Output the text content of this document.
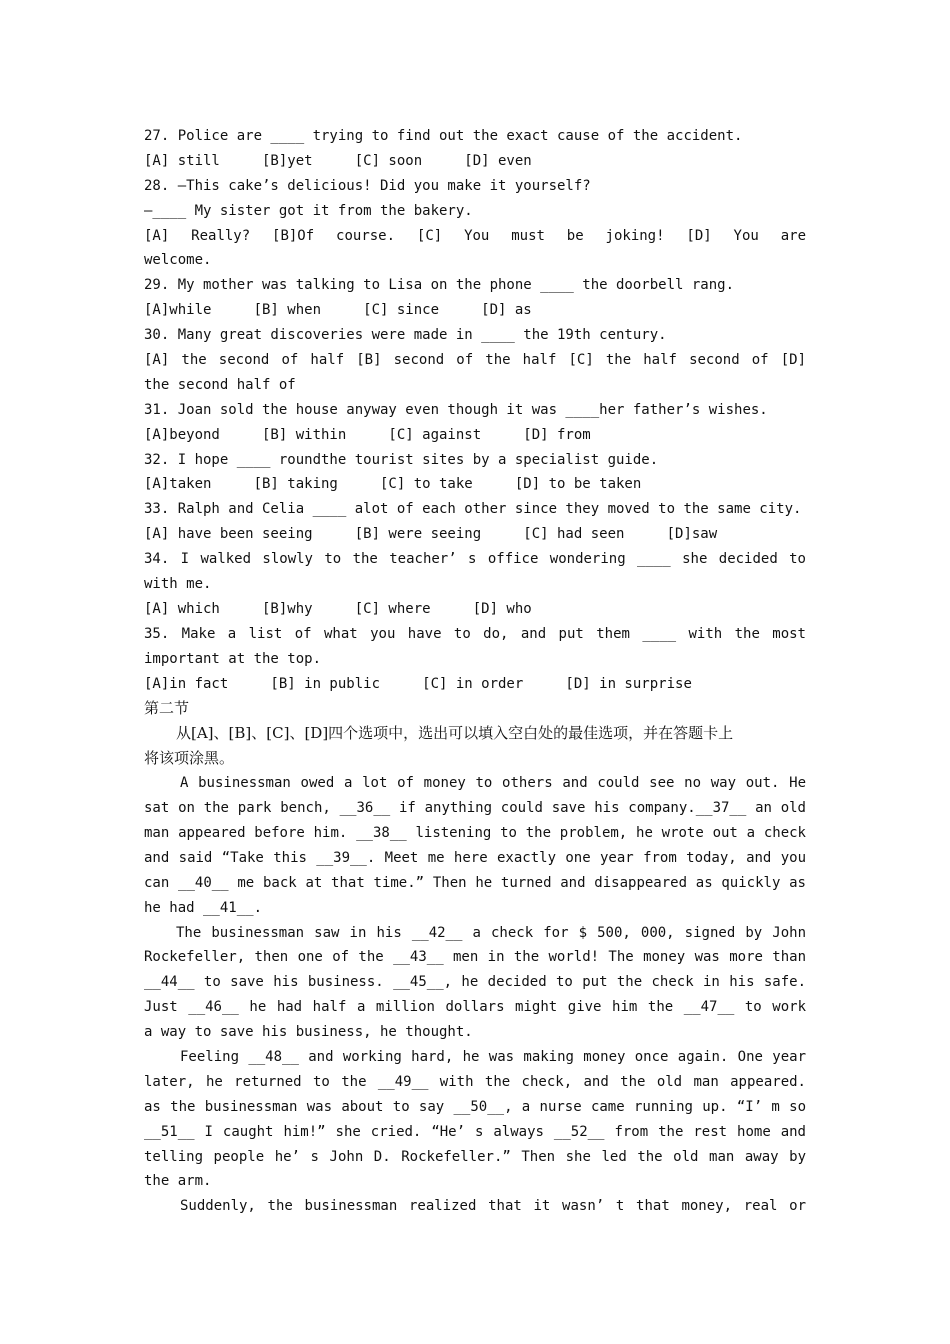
27. Police are ____ trying to find out the exact cause of the accident.
[A] still     [B]yet     [C] soon     [D] even
28. —This cake’s delicious! Did you make it yourself?
—____ My sister got it from the bakery.
[A] Really? [B]Of course. [C] You must be joking! [D] You are
welcome.
29. My mother was talking to Lisa on the phone ____ the doorbell rang.
[A]while     [B] when     [C] since     [D] as
30. Many great discoveries were made in ____ the 19th century.
[A] the second of half [B] second of the half [C] the half second of [D]
the second half of
31. Joan sold the house anyway even though it was ____her father’s wishes.
[A]beyond     [B] within     [C] against     [D] from
32. I hope ____ roundthe tourist sites by a specialist guide.
[A]taken     [B] taking     [C] to take     [D] to be taken
33. Ralph and Celia ____ alot of each other since they moved to the same city.
[A] have been seeing     [B] were seeing     [C] had seen     [D]saw
34. I walked slowly to the teacher’ s office wondering ____ she decided to
with me.
[A] which     [B]why     [C] where     [D] who
35. Make a list of what you have to do, and put them ____ with the most
important at the top.
[A]in fact     [B] in public     [C] in order     [D] in surprise
第二节
从[A]、[B]、[C]、[D]四个选项中，选出可以填入空白处的最佳选项，并在答题卡上
将该项涂黑。
A businessman owed a lot of money to others and could see no way out. He
sat on the park bench, __36__ if anything could save his company.__37__ an old
man appeared before him. __38__ listening to the problem, he wrote out a check
and said “Take this __39__. Meet me here exactly one year from today, and you
can __40__ me back at that time.” Then he turned and disappeared as quickly as
he had __41__.
The businessman saw in his __42__ a check for $ 500, 000, signed by John
Rockefeller, then one of the __43__ men in the world! The money was more than
__44__ to save his business. __45__, he decided to put the check in his safe.
Just __46__ he had half a million dollars might give him the __47__ to work
a way to save his business, he thought.
Feeling __48__ and working hard, he was making money once again. One year
later, he returned to the __49__ with the check, and the old man appeared.
as the businessman was about to say __50__, a nurse came running up. “I’ m so
__51__ I caught him!” she cried. “He’ s always __52__ from the rest home and
telling people he’ s John D. Rockefeller.” Then she led the old man away by
the arm.
Suddenly, the businessman realized that it wasn’ t that money, real or
